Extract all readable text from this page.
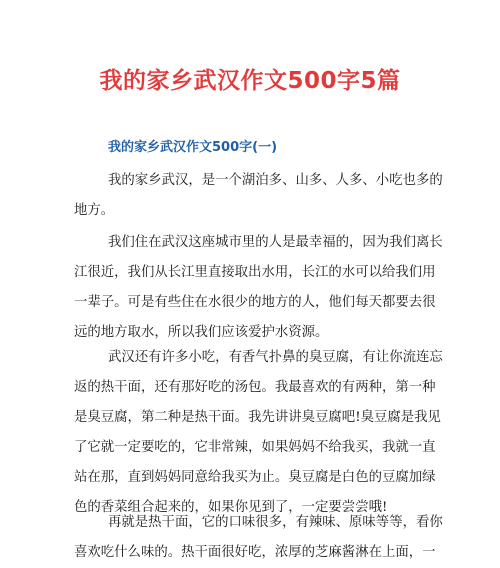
我的家乡武汉作文500字5篇
我的家乡武汉作文500字(一)
我的家乡武汉，是一个湖泊多、山多、人多、小吃也多的
地方。
我们住在武汉这座城市里的人是最幸福的，因为我们离长
江很近，我们从长江里直接取出水用，长江的水可以给我们用
一辈子。可是有些住在水很少的地方的人，他们每天都要去很
远的地方取水，所以我们应该爱护水资源。
武汉还有许多小吃，有香气扑鼻的臭豆腐，有让你流连忘
返的热干面，还有那好吃的汤包。我最喜欢的有两种，第一种
是臭豆腐，第二种是热干面。我先讲讲臭豆腐吧!臭豆腐是我见
了它就一定要吃的，它非常辣，如果妈妈不给我买，我就一直
站在那，直到妈妈同意给我买为止。臭豆腐是白色的豆腐加绿
色的香菜组合起来的，如果你见到了，一定要尝尝哦!
再就是热干面，它的口味很多，有辣味、原味等等，看你
喜欢吃什么味的。热干面很好吃，浓厚的芝麻酱淋在上面，一
